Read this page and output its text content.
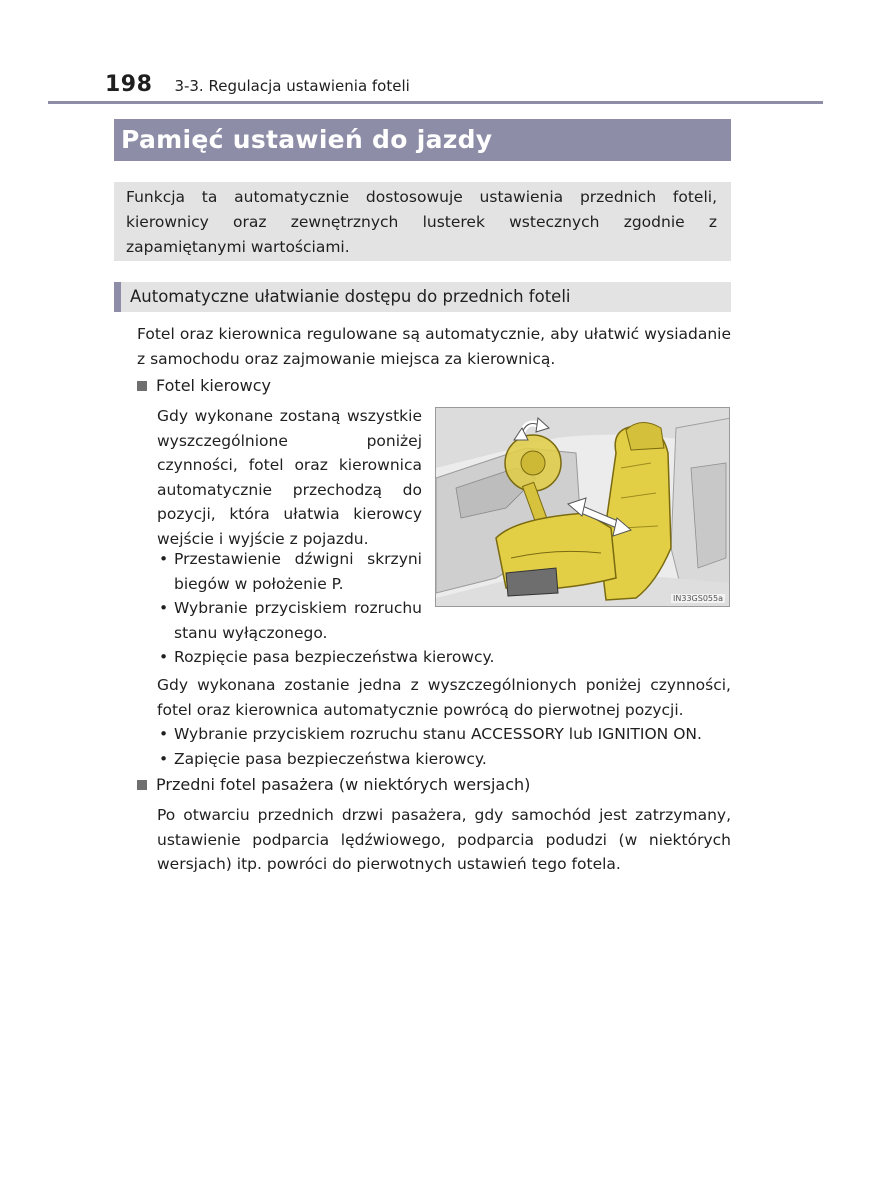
198 3-3. Regulacja ustawienia foteli
Pamięć ustawień do jazdy
Funkcja ta automatycznie dostosowuje ustawienia przednich foteli, kierownicy oraz zewnętrznych lusterek wstecznych zgodnie z zapamiętanymi wartościami.
Automatyczne ułatwianie dostępu do przednich foteli
Fotel oraz kierownica regulowane są automatycznie, aby ułatwić wysiadanie z samochodu oraz zajmowanie miejsca za kierownicą.
Fotel kierowcy
Gdy wykonane zostaną wszystkie wyszczególnione poniżej czynności, fotel oraz kierownica automatycznie przechodzą do pozycji, która ułatwia kierowcy wejście i wyjście z pojazdu.
• Przestawienie dźwigni skrzyni biegów w położenie P.
• Wybranie przyciskiem rozruchu stanu wyłączonego.
• Rozpięcie pasa bezpieczeństwa kierowcy.
Gdy wykonana zostanie jedna z wyszczególnionych poniżej czynności, fotel oraz kierownica automatycznie powrócą do pierwotnej pozycji.
• Wybranie przyciskiem rozruchu stanu ACCESSORY lub IGNITION ON.
• Zapięcie pasa bezpieczeństwa kierowcy.
Przedni fotel pasażera (w niektórych wersjach)
Po otwarciu przednich drzwi pasażera, gdy samochód jest zatrzymany, ustawienie podparcia lędźwiowego, podparcia podudzi (w niektórych wersjach) itp. powróci do pierwotnych ustawień tego fotela.
IN33GS055a
